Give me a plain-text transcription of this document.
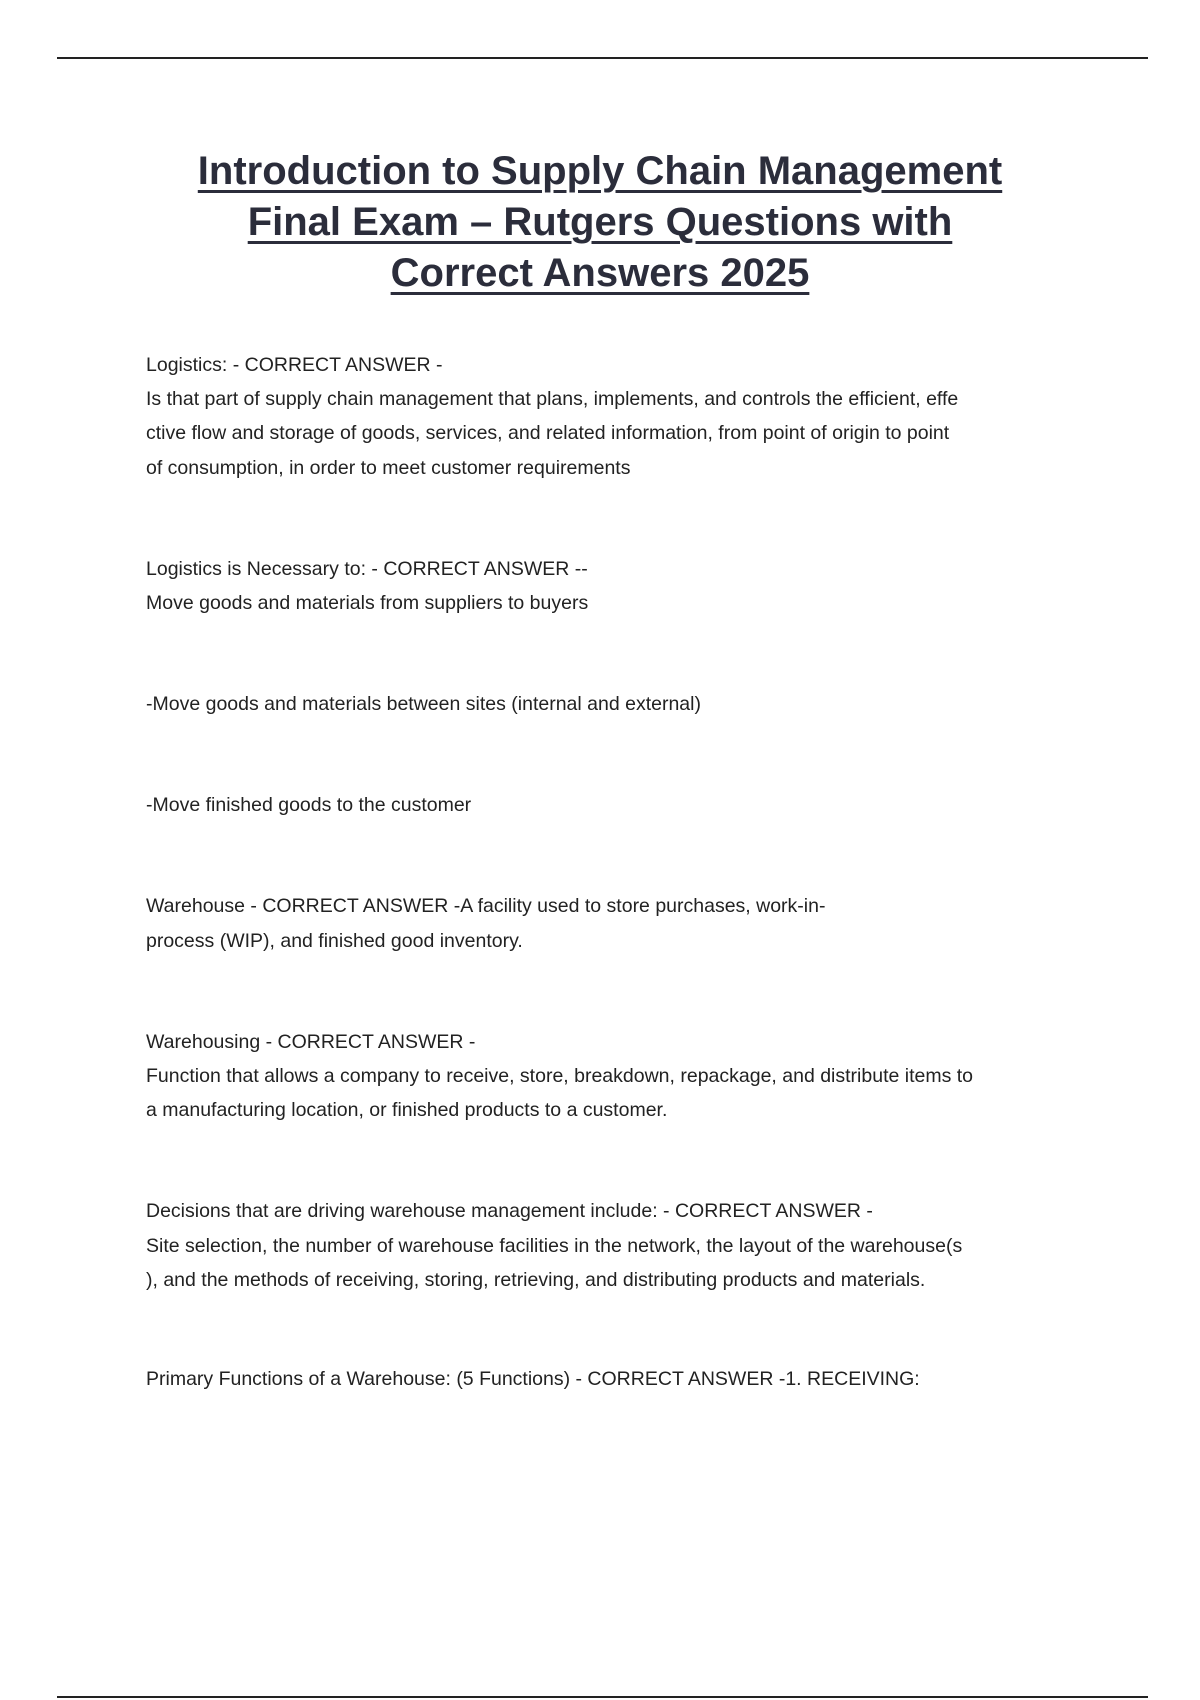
Introduction to Supply Chain Management
Final Exam – Rutgers Questions with
Correct Answers 2025
Logistics: - CORRECT ANSWER -
Is that part of supply chain management that plans, implements, and controls the efficient, effe
ctive flow and storage of goods, services, and related information, from point of origin to point
of consumption, in order to meet customer requirements
Logistics is Necessary to: - CORRECT ANSWER --
Move goods and materials from suppliers to buyers
-Move goods and materials between sites (internal and external)
-Move finished goods to the customer
Warehouse - CORRECT ANSWER -A facility used to store purchases, work-in-
process (WIP), and finished good inventory.
Warehousing - CORRECT ANSWER -
Function that allows a company to receive, store, breakdown, repackage, and distribute items to
a manufacturing location, or finished products to a customer.
Decisions that are driving warehouse management include: - CORRECT ANSWER -
Site selection, the number of warehouse facilities in the network, the layout of the warehouse(s
), and the methods of receiving, storing, retrieving, and distributing products and materials.
Primary Functions of a Warehouse: (5 Functions) - CORRECT ANSWER -1. RECEIVING:
